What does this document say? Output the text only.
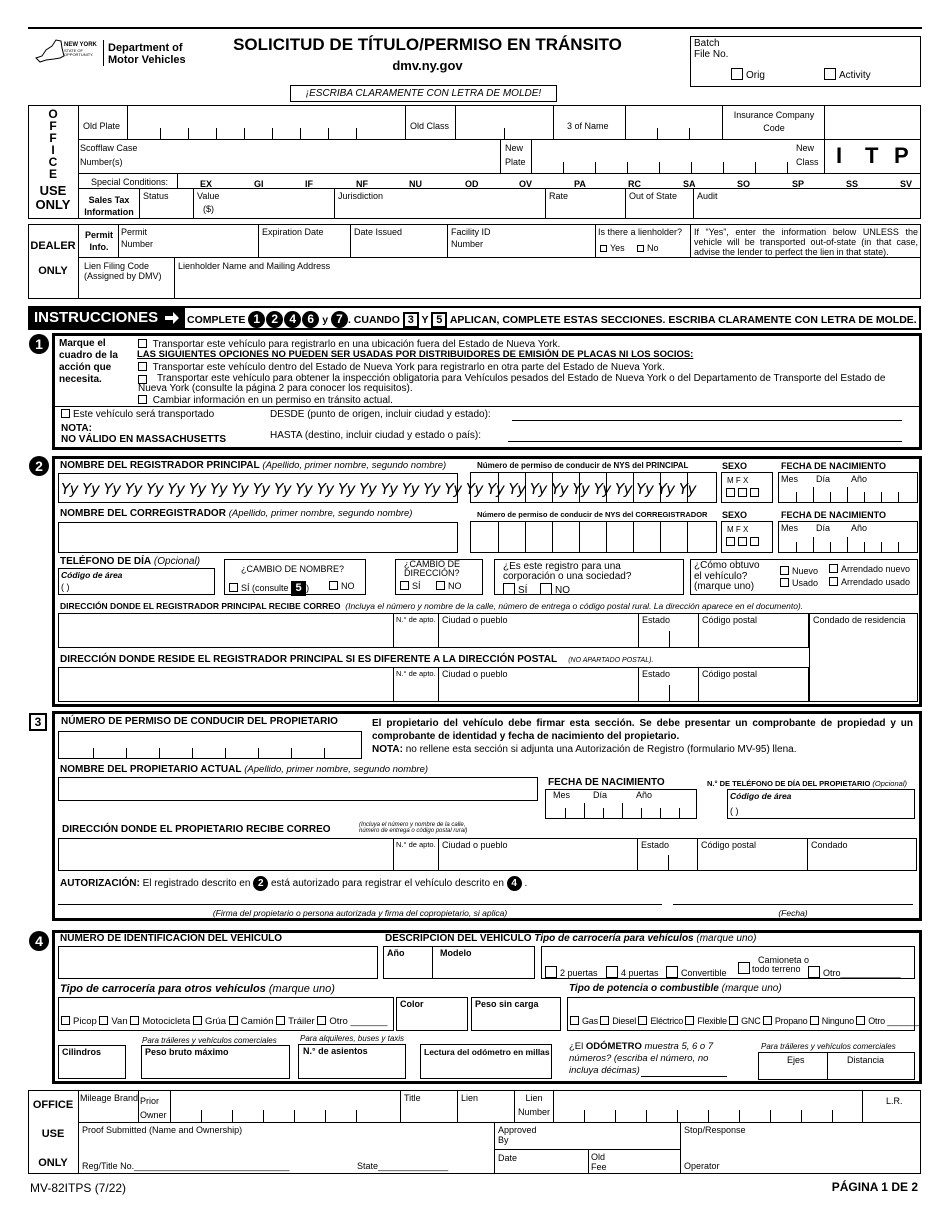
NEW YORK
STATE OF
OPPORTUNITY.
Department of
Motor Vehicles
SOLICITUD DE TÍTULO/PERMISO EN TRÁNSITO
dmv.ny.gov
¡ESCRIBA CLARAMENTE CON LETRA DE MOLDE!
Batch
File No.
Orig	Activity
O
F
F
I
C
E
USE
ONLY
Old Plate	Old Class	3 of Name
Insurance Company
Code
Scofflaw Case
Number(s)
New
Plate
New
Class I T P
Special Conditions:	EX	GI	IF	NF	NU	OD	OV	PA	RC	SA	SO	SP	SS	SV
Sales Tax
Information
Status	Value
($)
Jurisdiction	Rate	Out of State Audit
DEALER
ONLY
Permit
Info.
Permit
Number
Expiration Date	Date Issued	Facility ID
Number
Is there a lienholder?
Yes	No
If “Yes”, enter the information below UNLESS the vehicle will be transported out-of-state (in that case, advise the lender to perfect the lien in that state).
Lien Filing Code
(Assigned by DMV)
Lienholder Name and Mailing Address
INSTRUCCIONES	COMPLETE 1 2 4 6 y 7 . CUANDO 3 Y 5 APLICAN, COMPLETE ESTAS SECCIONES. ESCRIBA CLARAMENTE CON LETRA DE MOLDE.
1	Marque el
cuadro de la
acción que
necesita.
Transportar este vehículo para registrarlo en una ubicación fuera del Estado de Nueva York.
LAS SIGUIENTES OPCIONES NO PUEDEN SER USADAS POR DISTRIBUIDORES DE EMISIÓN DE PLACAS NI LOS SOCIOS:
Transportar este vehículo dentro del Estado de Nueva York para registrarlo en otra parte del Estado de Nueva York.
Transportar este vehículo para obtener la inspección obligatoria para Vehículos pesados del Estado de Nueva York o del Departamento de Transporte del Estado de Nueva York (consulte la página 2 para conocer los requisitos).
Cambiar información en un permiso en tránsito actual.
Este vehículo será transportado
NOTA:
NO VÁLIDO EN MASSACHUSETTS
DESDE (punto de origen, incluir ciudad y estado):
HASTA (destino, incluir ciudad y estado o país):
2	NOMBRE DEL REGISTRADOR PRINCIPAL (Apellido, primer nombre, segundo nombre)
Yy Yy Yy Yy Yy Yy Yy Yy Yy Yy Yy Yy Yy Yy Yy Yy Yy Yy Yy Yy Yy Yy Yy Yy Yy Yy Yy Yy Yy Yy
Número de permiso de conducir de NYS del PRINCIPAL	SEXO
M F X
FECHA DE NACIMIENTO
Mes Día Año
NOMBRE DEL CORREGISTRADOR (Apellido, primer nombre, segundo nombre)	Número de permiso de conducir de NYS del CORREGISTRADOR SEXO
M F X
FECHA DE NACIMIENTO
Mes Día Año
TELÉFONO DE DÍA (Opcional)
Código de área
( )
¿CAMBIO DE NOMBRE?
SÍ (consulte 5 )	NO
¿CAMBIO DE
DIRECCIÓN?
SÍ	NO
¿Es este registro para una
corporación o una sociedad?
SÍ	NO
¿Cómo obtuvo
el vehículo?
(marque uno)
Nuevo
Usado
Arrendado nuevo
Arrendado usado
DIRECCIÓN DONDE EL REGISTRADOR PRINCIPAL RECIBE CORREO (Incluya el número y nombre de la calle, número de entrega o código postal rural. La dirección aparece en el documento).
N.° de apto. Ciudad o pueblo	Estado	Código postal	Condado de residencia
DIRECCIÓN DONDE RESIDE EL REGISTRADOR PRINCIPAL SI ES DIFERENTE A LA DIRECCIÓN POSTAL (NO APARTADO POSTAL).
N.° de apto. Ciudad o pueblo	Estado	Código postal
3	NÚMERO DE PERMISO DE CONDUCIR DEL PROPIETARIO	El propietario del vehículo debe firmar esta sección. Se debe presentar un comprobante de propiedad y un comprobante de identidad y fecha de nacimiento del propietario.
NOTA: no rellene esta sección si adjunta una Autorización de Registro (formulario MV-95) llena.
NOMBRE DEL PROPIETARIO ACTUAL (Apellido, primer nombre, segundo nombre)
FECHA DE NACIMIENTO
Mes	Día	Año
N.° DE TELÉFONO DE DÍA DEL PROPIETARIO (Opcional)
Código de área
( )
DIRECCIÓN DONDE EL PROPIETARIO RECIBE CORREO	(Incluya el número y nombre de la calle,
número de entrega o código postal rural)
N.° de apto. Ciudad o pueblo	Estado	Código postal	Condado
AUTORIZACIÓN: El registrado descrito en 2 está autorizado para registrar el vehículo descrito en 4 .
(Firma del propietario o persona autorizada y firma del copropietario, si aplica)	(Fecha)
4	NÚMERO DE IDENTIFICACIÓN DEL VEHÍCULO	DESCRIPCIÓN DEL VEHÍCULO Tipo de carrocería para vehículos (marque uno)
Año	Modelo
2 puertas	4 puertas	Convertible
Camioneta o
todo terreno	Otro____________
Tipo de carrocería para otros vehículos (marque uno)
Picop Van Motocicleta Grúa Camión Tráiler Otro _______
Color	Peso sin carga
Tipo de potencia o combustible (marque uno)
Gas Diesel Eléctrico Flexible GNC Propano Ninguno Otro _______
Para tráileres y vehículos comerciales	Para alquileres, buses y taxis
Cilindros	Peso bruto máximo	N.° de asientos	Lectura del odómetro en millas ¿El ODÓMETRO muestra 5, 6 o 7
números? (escriba el número, no
incluya décimas)
Para tráileres y vehículos comerciales
Ejes	Distancia
OFFICE
USE
ONLY
Mileage Brand Prior
Owner
Title	Lien	Lien
Number
L.R.
Proof Submitted (Name and Ownership)	Approved
By
Stop/Response
Date	Old
Fee
Reg/Title No._______________________________	State______________	Operator
MV-82ITPS (7/22)	PÁGINA 1 DE 2
